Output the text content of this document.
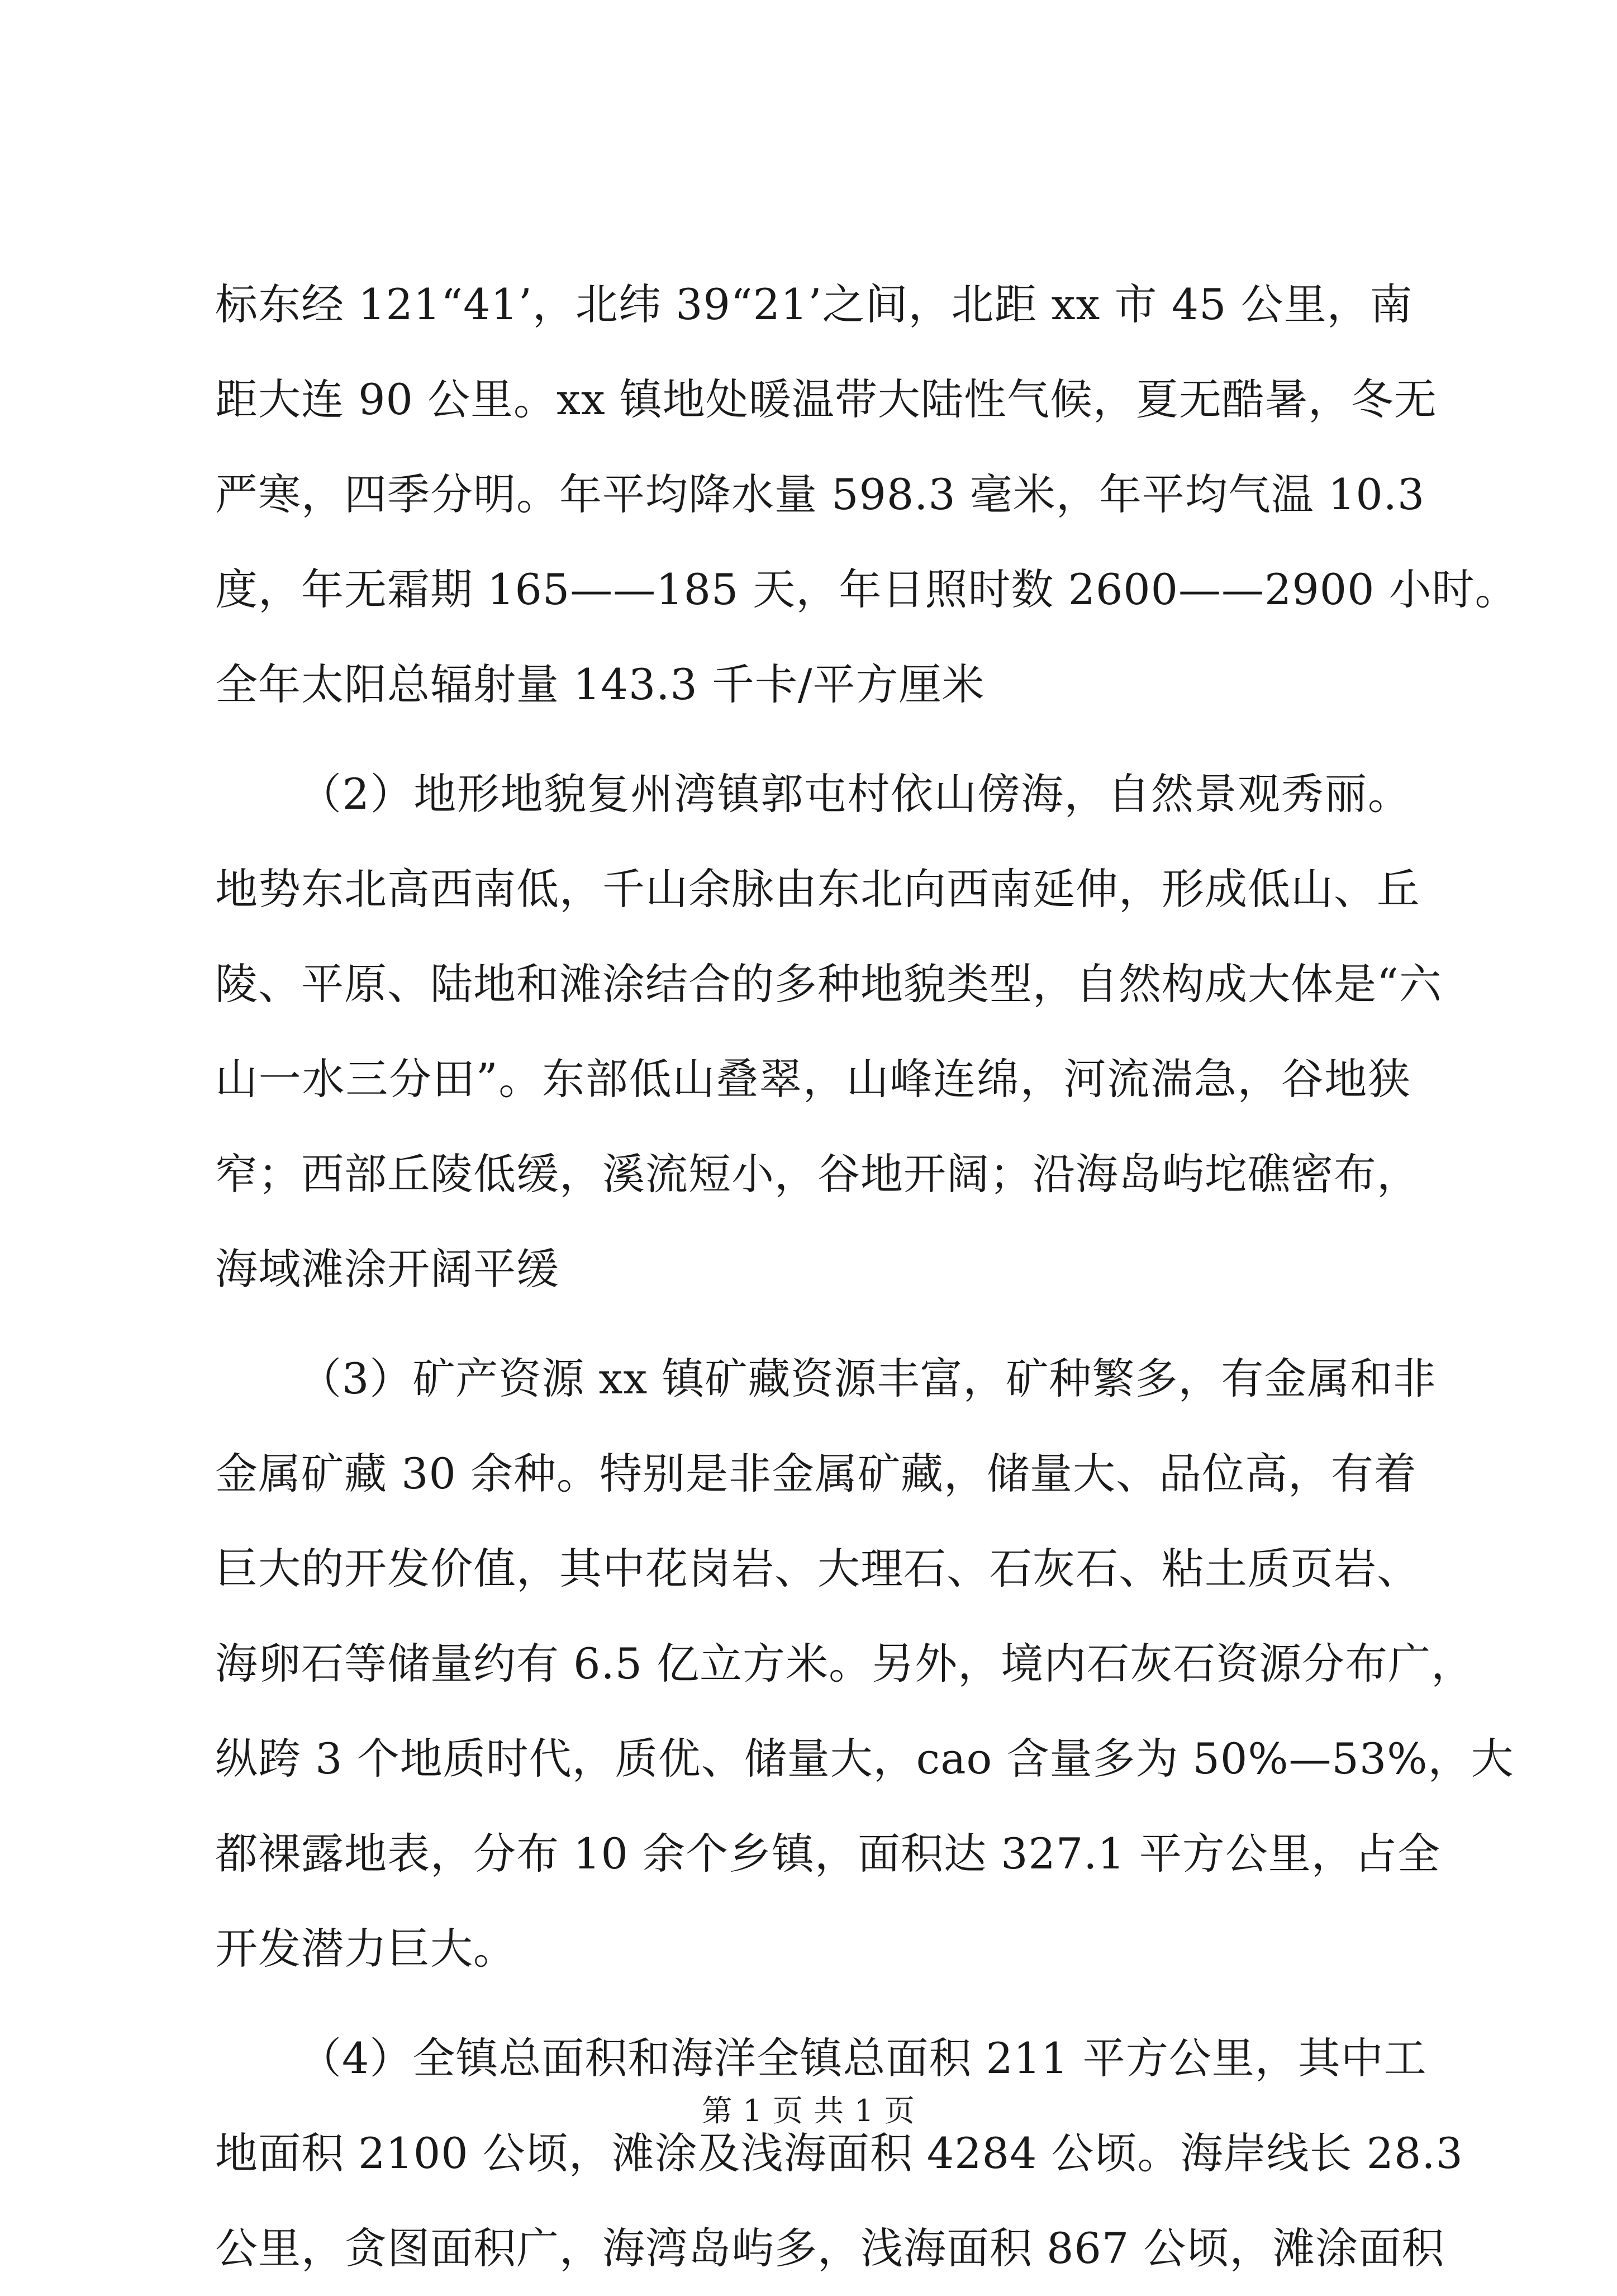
标东经 121“41’，北纬 39“21’之间，北距 xx 市 45 公里，南
距大连 90 公里。xx 镇地处暖温带大陆性气候，夏无酷暑，冬无
严寒，四季分明。年平均降水量 598.3 毫米，年平均气温 10.3
度，年无霜期 165——185 天，年日照时数 2600——2900 小时。
全年太阳总辐射量 143.3 千卡/平方厘米
（2）地形地貌复州湾镇郭屯村依山傍海，自然景观秀丽。
地势东北高西南低，千山余脉由东北向西南延伸，形成低山、丘
陵、平原、陆地和滩涂结合的多种地貌类型，自然构成大体是“六
山一水三分田”。东部低山叠翠，山峰连绵，河流湍急，谷地狭
窄；西部丘陵低缓，溪流短小，谷地开阔；沿海岛屿坨礁密布，
海域滩涂开阔平缓
（3）矿产资源 xx 镇矿藏资源丰富，矿种繁多，有金属和非
金属矿藏 30 余种。特别是非金属矿藏，储量大、品位高，有着
巨大的开发价值，其中花岗岩、大理石、石灰石、粘土质页岩、
海卵石等储量约有 6.5 亿立方米。另外，境内石灰石资源分布广，
纵跨 3 个地质时代，质优、储量大，cao 含量多为 50%—53%，大
都裸露地表，分布 10 余个乡镇，面积达 327.1 平方公里，占全
开发潜力巨大。
（4）全镇总面积和海洋全镇总面积 211 平方公里，其中工
地面积 2100 公顷，滩涂及浅海面积 4284 公顷。海岸线长 28.3
公里，贪图面积广，海湾岛屿多，浅海面积 867 公顷，滩涂面积
第 1 页 共 1 页
